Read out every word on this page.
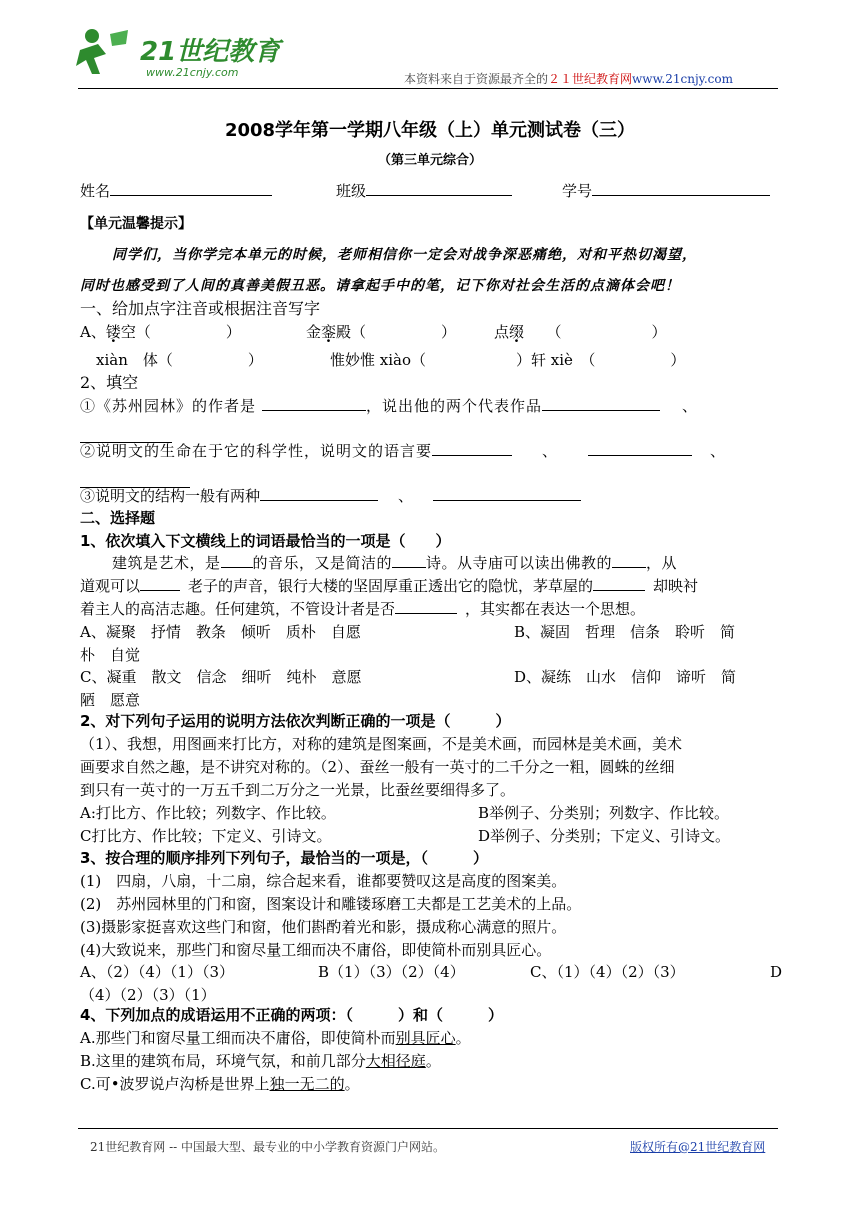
21世纪教育
www.21cnjy.com	本资料来自于资源最齐全的２１世纪教育网www.21cnjy.com
2008学年第一学期八年级（上）单元测试卷（三）
（第三单元综合）
姓名	班级	学号
【单元温馨提示】
同学们，当你学完本单元的时候，老师相信你一定会对战争深恶痛绝，对和平热切渴望，
同时也感受到了人间的真善美假丑恶。请拿起手中的笔，记下你对社会生活的点滴体会吧！
一、给加点字注音或根据注音写字
A、镂空（　　　　　）	金銮殿（　　　　　）	点缀　　（　　　　　　）
xiàn　体（　　　　　）	惟妙惟 xiào（　　　　　　）轩 xiè　（　　　　　）
2、填空
①《苏州园林》的作者是	，说出他的两个代表作品	、
②说明文的生命在于它的科学性，说明文的语言要	、	、
③说明文的结构一般有两种	、
二、选择题
1、依次填入下文横线上的词语最恰当的一项是（　　）
建筑是艺术，是 的音乐，又是简洁的 诗。从寺庙可以读出佛教的 ，从
道观可以	老子的声音，银行大楼的坚固厚重正透出它的隐忧，茅草屋的	却映衬
着主人的高洁志趣。任何建筑，不管设计者是否	，其实都在表达一个思想。
A、凝聚　抒情　教条　倾听　质朴　自愿	B、凝固　哲理　信条　聆听　简
朴　自觉
C、凝重　散文　信念　细听　纯朴　意愿	D、凝练　山水　信仰　谛听　简
陋　愿意
2、对下列句子运用的说明方法依次判断正确的一项是（　　　）
（1）、我想，用图画来打比方，对称的建筑是图案画，不是美术画，而园林是美术画，美术
画要求自然之趣，是不讲究对称的。（2）、蚕丝一般有一英寸的二千分之一粗，圆蛛的丝细
到只有一英寸的一万五千到二万分之一光景，比蚕丝要细得多了。
A:打比方、作比较；列数字、作比较。	B举例子、分类别；列数字、作比较。
C打比方、作比较；下定义、引诗文。	D举例子、分类别；下定义、引诗文。
3、按合理的顺序排列下列句子，最恰当的一项是，（　　　）
(1)　四扇，八扇，十二扇，综合起来看，谁都要赞叹这是高度的图案美。
(2)　苏州园林里的门和窗，图案设计和雕镂琢磨工夫都是工艺美术的上品。
(3)摄影家挺喜欢这些门和窗，他们斟酌着光和影，摄成称心满意的照片。
(4)大致说来，那些门和窗尽量工细而决不庸俗，即使简朴而别具匠心。
A、（2）（4）（1）（3）	B（1）（3）（2）（4）	C、（1）（4）（2）（3）	D
（4）（2）（3）（1）
4、下列加点的成语运用不正确的两项：（　　　）和（　　　）
A.那些门和窗尽量工细而决不庸俗，即使简朴而别具匠心。
B.这里的建筑布局，环境气氛，和前几部分大相径庭。
C.可•波罗说卢沟桥是世界上独一无二的。
21世纪教育网 -- 中国最大型、最专业的中小学教育资源门户网站。	版权所有@21世纪教育网
